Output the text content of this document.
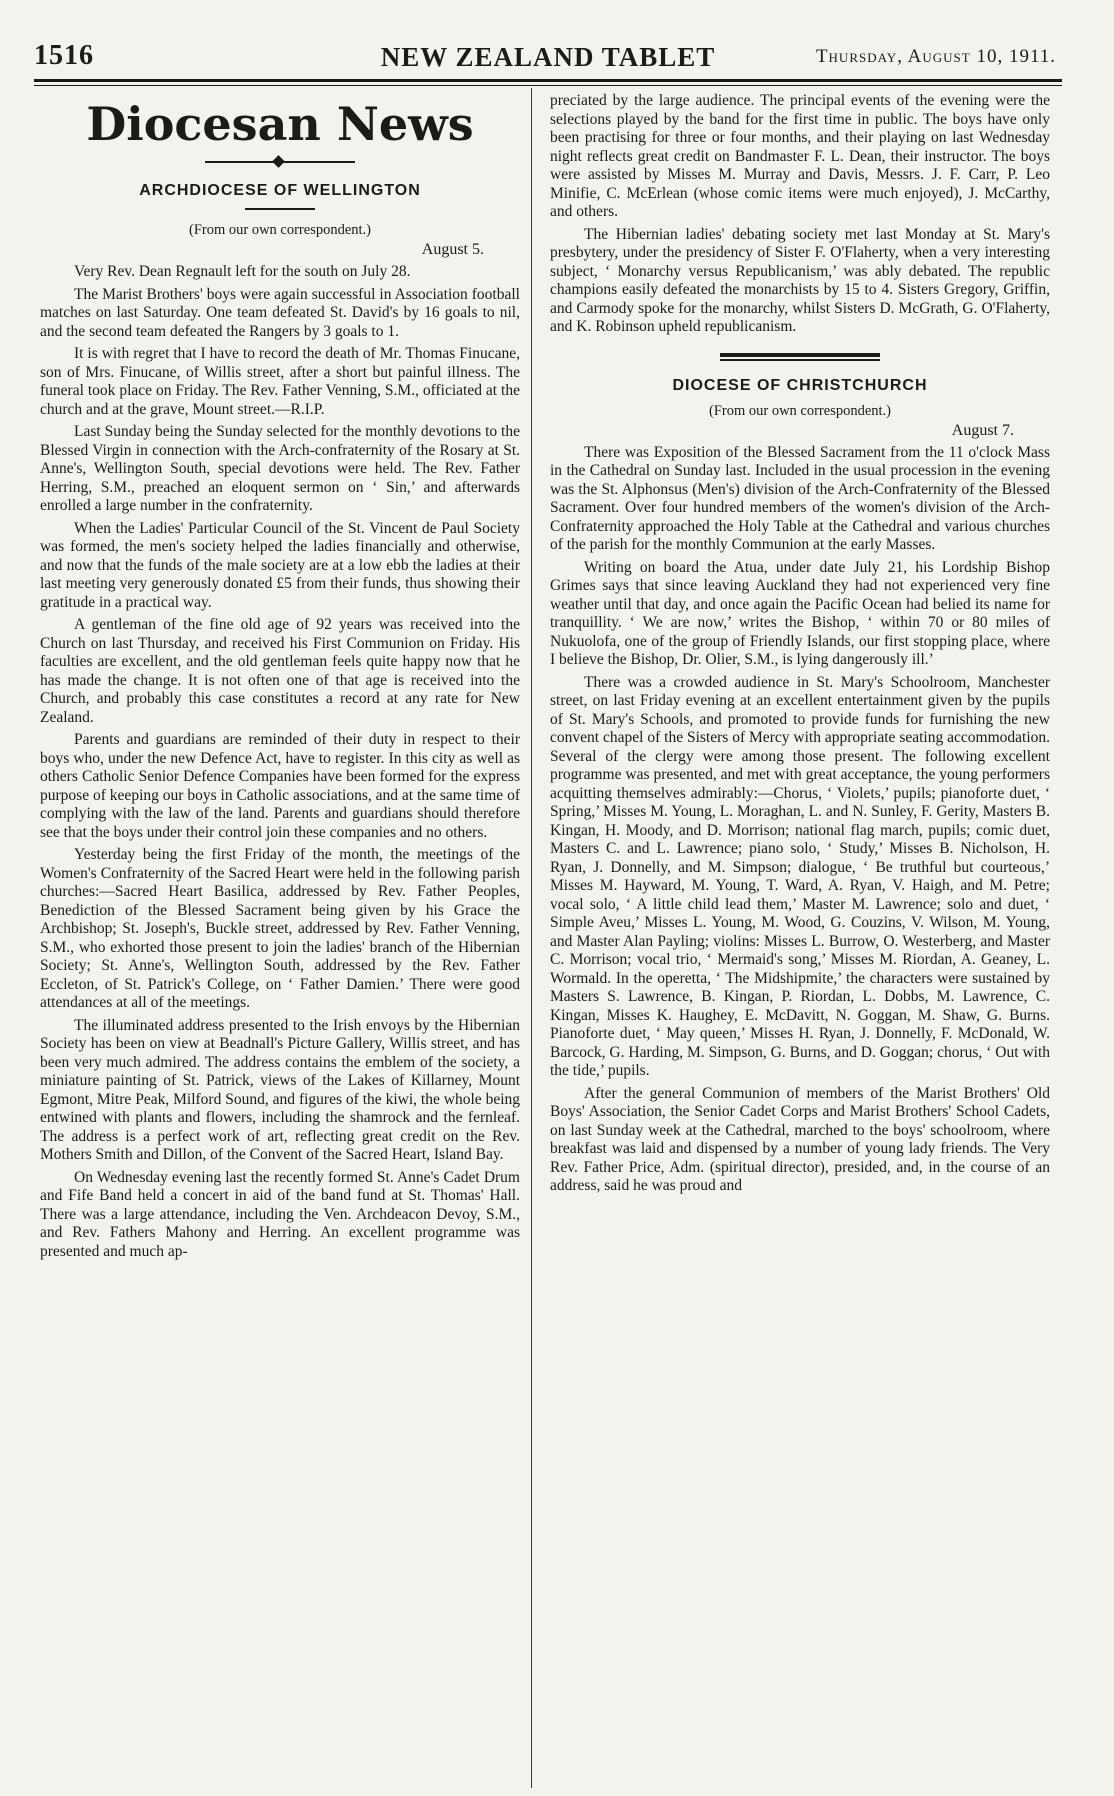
1516	NEW ZEALAND TABLET	Thursday, August 10, 1911.
Diocesan News
ARCHDIOCESE OF WELLINGTON
(From our own correspondent.)
August 5.

Very Rev. Dean Regnault left for the south on July 28.

The Marist Brothers' boys were again successful in Association football matches on last Saturday. One team defeated St. David's by 16 goals to nil, and the second team defeated the Rangers by 3 goals to 1.

It is with regret that I have to record the death of Mr. Thomas Finucane, son of Mrs. Finucane, of Willis street, after a short but painful illness. The funeral took place on Friday. The Rev. Father Venning, S.M., officiated at the church and at the grave, Mount street.—R.I.P.

Last Sunday being the Sunday selected for the monthly devotions to the Blessed Virgin in connection with the Arch-confraternity of the Rosary at St. Anne's, Wellington South, special devotions were held. The Rev. Father Herring, S.M., preached an eloquent sermon on ‘ Sin,’ and afterwards enrolled a large number in the confraternity.

When the Ladies' Particular Council of the St. Vincent de Paul Society was formed, the men's society helped the ladies financially and otherwise, and now that the funds of the male society are at a low ebb the ladies at their last meeting very generously donated £5 from their funds, thus showing their gratitude in a practical way.

A gentleman of the fine old age of 92 years was received into the Church on last Thursday, and received his First Communion on Friday. His faculties are excellent, and the old gentleman feels quite happy now that he has made the change. It is not often one of that age is received into the Church, and probably this case constitutes a record at any rate for New Zealand.

Parents and guardians are reminded of their duty in respect to their boys who, under the new Defence Act, have to register. In this city as well as others Catholic Senior Defence Companies have been formed for the express purpose of keeping our boys in Catholic associations, and at the same time of complying with the law of the land. Parents and guardians should therefore see that the boys under their control join these companies and no others.

Yesterday being the first Friday of the month, the meetings of the Women's Confraternity of the Sacred Heart were held in the following parish churches:—Sacred Heart Basilica, addressed by Rev. Father Peoples, Benediction of the Blessed Sacrament being given by his Grace the Archbishop; St. Joseph's, Buckle street, addressed by Rev. Father Venning, S.M., who exhorted those present to join the ladies' branch of the Hibernian Society; St. Anne's, Wellington South, addressed by the Rev. Father Eccleton, of St. Patrick's College, on ‘ Father Damien.’ There were good attendances at all of the meetings.

The illuminated address presented to the Irish envoys by the Hibernian Society has been on view at Beadnall's Picture Gallery, Willis street, and has been very much admired. The address contains the emblem of the society, a miniature painting of St. Patrick, views of the Lakes of Killarney, Mount Egmont, Mitre Peak, Milford Sound, and figures of the kiwi, the whole being entwined with plants and flowers, including the shamrock and the fernleaf. The address is a perfect work of art, reflecting great credit on the Rev. Mothers Smith and Dillon, of the Convent of the Sacred Heart, Island Bay.

On Wednesday evening last the recently formed St. Anne's Cadet Drum and Fife Band held a concert in aid of the band fund at St. Thomas' Hall. There was a large attendance, including the Ven. Archdeacon Devoy, S.M., and Rev. Fathers Mahony and Herring. An excellent programme was presented and much ap-

preciated by the large audience. The principal events of the evening were the selections played by the band for the first time in public. The boys have only been practising for three or four months, and their playing on last Wednesday night reflects great credit on Bandmaster F. L. Dean, their instructor. The boys were assisted by Misses M. Murray and Davis, Messrs. J. F. Carr, P. Leo Minifie, C. McErlean (whose comic items were much enjoyed), J. McCarthy, and others.

The Hibernian ladies' debating society met last Monday at St. Mary's presbytery, under the presidency of Sister F. O'Flaherty, when a very interesting subject, ‘ Monarchy versus Republicanism,’ was ably debated. The republic champions easily defeated the monarchists by 15 to 4. Sisters Gregory, Griffin, and Carmody spoke for the monarchy, whilst Sisters D. McGrath, G. O'Flaherty, and K. Robinson upheld republicanism.

DIOCESE OF CHRISTCHURCH
(From our own correspondent.)
August 7.

There was Exposition of the Blessed Sacrament from the 11 o'clock Mass in the Cathedral on Sunday last. Included in the usual procession in the evening was the St. Alphonsus (Men's) division of the Arch-Confraternity of the Blessed Sacrament. Over four hundred members of the women's division of the Arch-Confraternity approached the Holy Table at the Cathedral and various churches of the parish for the monthly Communion at the early Masses.

Writing on board the Atua, under date July 21, his Lordship Bishop Grimes says that since leaving Auckland they had not experienced very fine weather until that day, and once again the Pacific Ocean had belied its name for tranquillity. ‘ We are now,’ writes the Bishop, ‘ within 70 or 80 miles of Nukuolofa, one of the group of Friendly Islands, our first stopping place, where I believe the Bishop, Dr. Olier, S.M., is lying dangerously ill.’

There was a crowded audience in St. Mary's Schoolroom, Manchester street, on last Friday evening at an excellent entertainment given by the pupils of St. Mary's Schools, and promoted to provide funds for furnishing the new convent chapel of the Sisters of Mercy with appropriate seating accommodation. Several of the clergy were among those present. The following excellent programme was presented, and met with great acceptance, the young performers acquitting themselves admirably:—Chorus, ‘ Violets,’ pupils; pianoforte duet, ‘ Spring,’ Misses M. Young, L. Moraghan, L. and N. Sunley, F. Gerity, Masters B. Kingan, H. Moody, and D. Morrison; national flag march, pupils; comic duet, Masters C. and L. Lawrence; piano solo, ‘ Study,’ Misses B. Nicholson, H. Ryan, J. Donnelly, and M. Simpson; dialogue, ‘ Be truthful but courteous,’ Misses M. Hayward, M. Young, T. Ward, A. Ryan, V. Haigh, and M. Petre; vocal solo, ‘ A little child lead them,’ Master M. Lawrence; solo and duet, ‘ Simple Aveu,’ Misses L. Young, M. Wood, G. Couzins, V. Wilson, M. Young, and Master Alan Payling; violins: Misses L. Burrow, O. Westerberg, and Master C. Morrison; vocal trio, ‘ Mermaid's song,’ Misses M. Riordan, A. Geaney, L. Wormald. In the operetta, ‘ The Midshipmite,’ the characters were sustained by Masters S. Lawrence, B. Kingan, P. Riordan, L. Dobbs, M. Lawrence, C. Kingan, Misses K. Haughey, E. McDavitt, N. Goggan, M. Shaw, G. Burns. Pianoforte duet, ‘ May queen,’ Misses H. Ryan, J. Donnelly, F. McDonald, W. Barcock, G. Harding, M. Simpson, G. Burns, and D. Goggan; chorus, ‘ Out with the tide,’ pupils.

After the general Communion of members of the Marist Brothers' Old Boys' Association, the Senior Cadet Corps and Marist Brothers' School Cadets, on last Sunday week at the Cathedral, marched to the boys' schoolroom, where breakfast was laid and dispensed by a number of young lady friends. The Very Rev. Father Price, Adm. (spiritual director), presided, and, in the course of an address, said he was proud and
